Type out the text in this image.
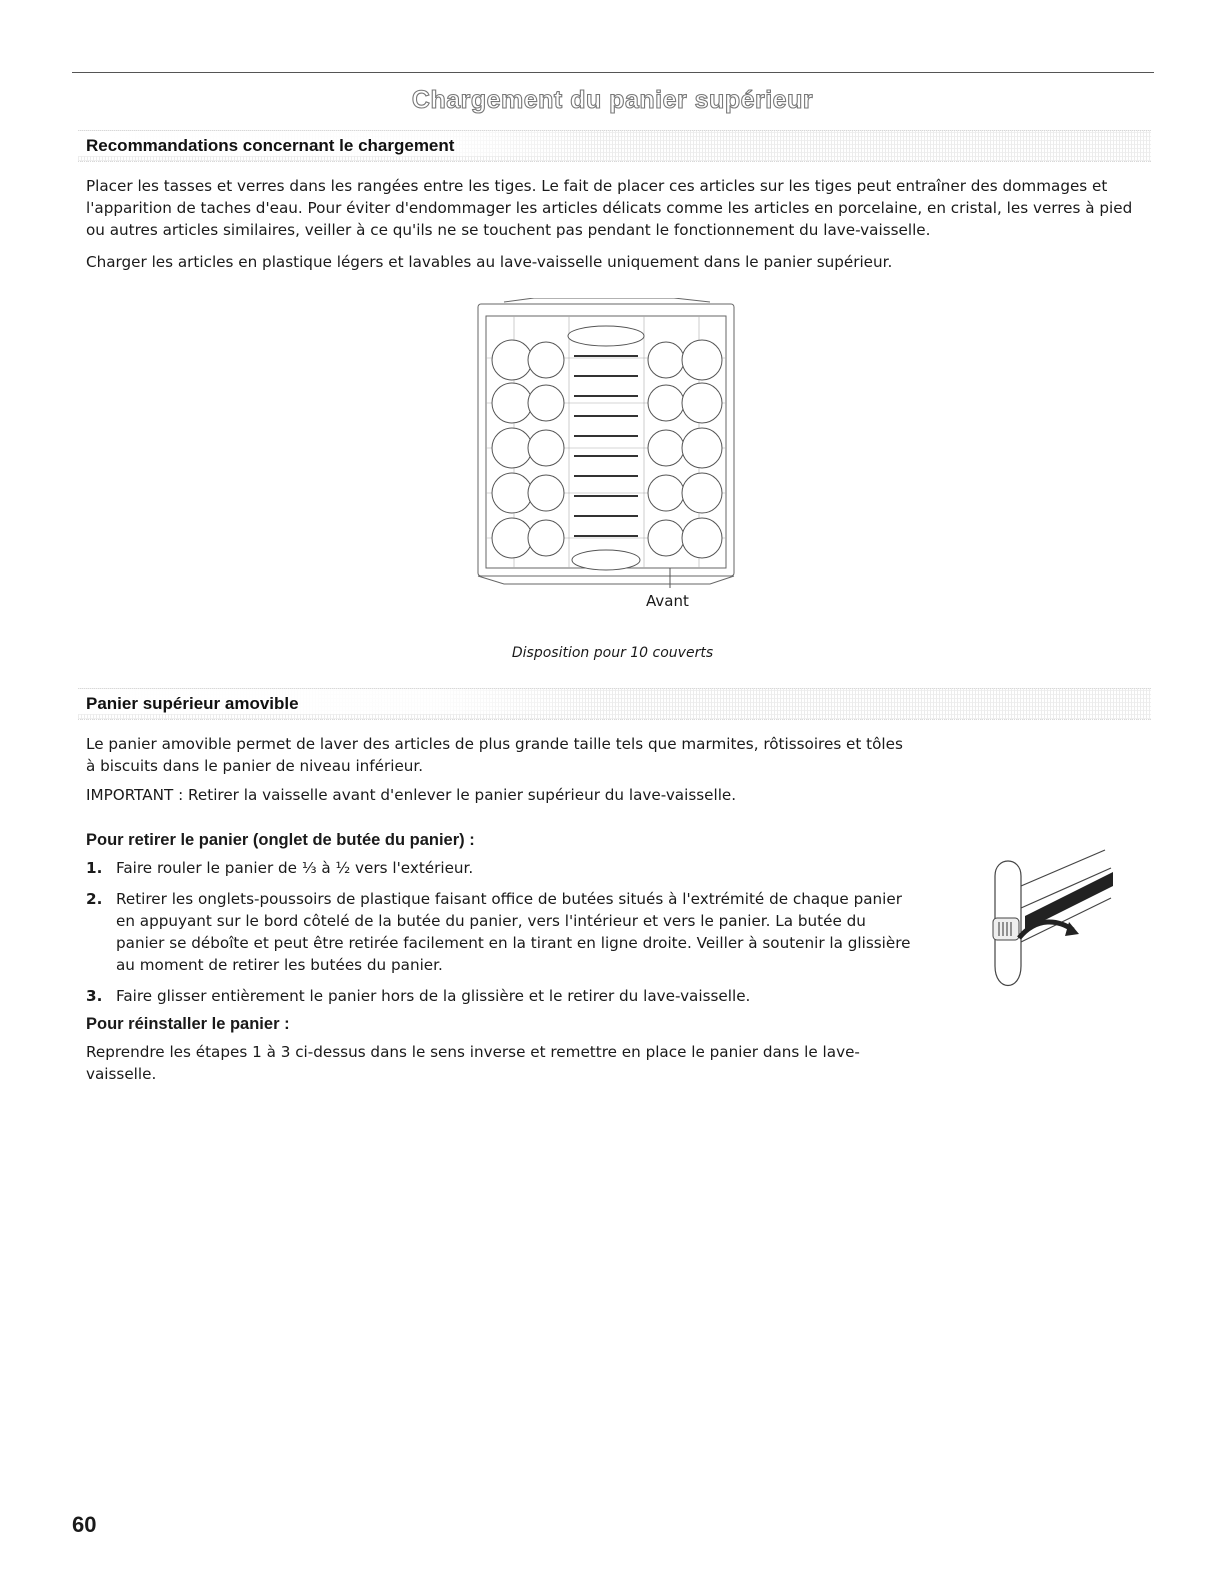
Chargement du panier supérieur
Recommandations concernant le chargement

Placer les tasses et verres dans les rangées entre les tiges. Le fait de placer ces articles sur les tiges peut entraîner des dommages et l'apparition de taches d'eau. Pour éviter d'endommager les articles délicats comme les articles en porcelaine, en cristal, les verres à pied ou autres articles similaires, veiller à ce qu'ils ne se touchent pas pendant le fonctionnement du lave-vaisselle.

Charger les articles en plastique légers et lavables au lave-vaisselle uniquement dans le panier supérieur.

Avant
Disposition pour 10 couverts
Panier supérieur amovible

Le panier amovible permet de laver des articles de plus grande taille tels que marmites, rôtissoires et tôles à biscuits dans le panier de niveau inférieur.

IMPORTANT : Retirer la vaisselle avant d'enlever le panier supérieur du lave-vaisselle.

Pour retirer le panier (onglet de butée du panier) :
1. Faire rouler le panier de ⅓ à ½ vers l'extérieur.
2. Retirer les onglets-poussoirs de plastique faisant office de butées situés à l'extrémité de chaque panier en appuyant sur le bord côtelé de la butée du panier, vers l'intérieur et vers le panier. La butée du panier se déboîte et peut être retirée facilement en la tirant en ligne droite. Veiller à soutenir la glissière au moment de retirer les butées du panier.
3. Faire glisser entièrement le panier hors de la glissière et le retirer du lave-vaisselle.
Pour réinstaller le panier :

Reprendre les étapes 1 à 3 ci-dessus dans le sens inverse et remettre en place le panier dans le lave-vaisselle.

60
